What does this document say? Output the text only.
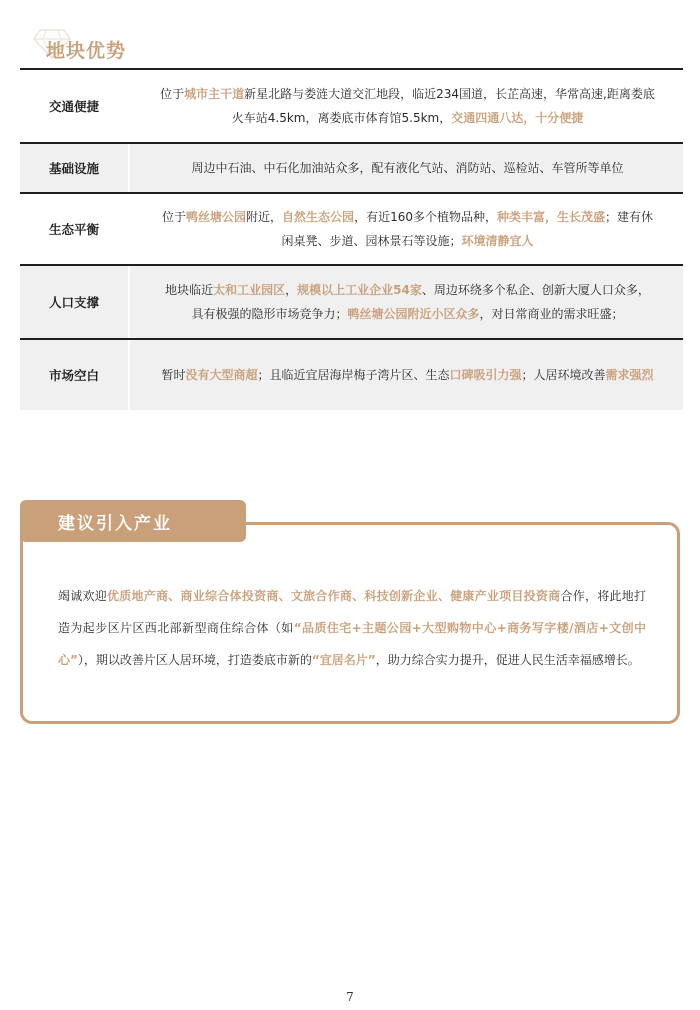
地块优势
交通便捷
位于城市主干道新星北路与娄涟大道交汇地段，临近234国道，长芷高速，华常高速,距离娄底火车站4.5km，离娄底市体育馆5.5km，交通四通八达，十分便捷
基础设施	周边中石油、中石化加油站众多，配有液化气站、消防站、巡检站、车管所等单位
生态平衡
位于鸭丝塘公园附近，自然生态公园，有近160多个植物品种，种类丰富，生长茂盛；建有休闲桌凳、步道、园林景石等设施；环境清静宜人
人口支撑
地块临近太和工业园区，规模以上工业企业54家、周边环绕多个私企、创新大厦人口众多，具有极强的隐形市场竞争力；鸭丝塘公园附近小区众多，对日常商业的需求旺盛；
市场空白	暂时没有大型商超；且临近宜居海岸梅子湾片区、生态口碑吸引力强；人居环境改善需求强烈
建议引入产业
竭诚欢迎优质地产商、商业综合体投资商、文旅合作商、科技创新企业、健康产业项目投资商合作，将此地打造为起步区片区西北部新型商住综合体（如“品质住宅+主题公园+大型购物中心+商务写字楼/酒店+文创中心”），期以改善片区人居环境，打造娄底市新的“宜居名片”，助力综合实力提升，促进人民生活幸福感增长。
7
